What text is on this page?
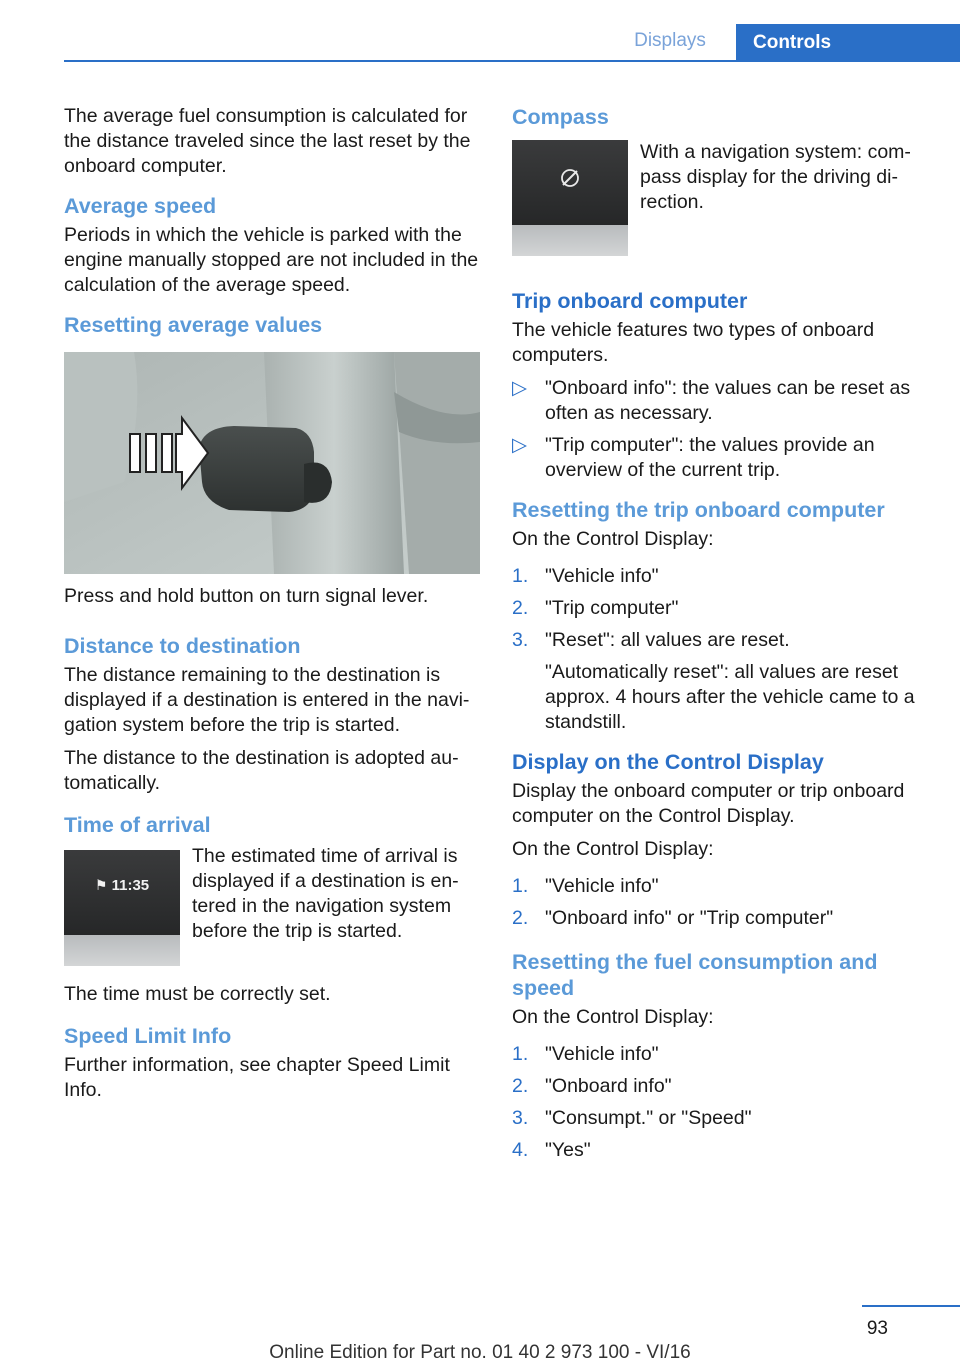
Displays	Controls

The average fuel consumption is calculated for the distance traveled since the last reset by the onboard computer.

Average speed

Periods in which the vehicle is parked with the engine manually stopped are not included in the calculation of the average speed.

Resetting average values

Press and hold button on turn signal lever.

Distance to destination

The distance remaining to the destination is displayed if a destination is entered in the navi‐gation system before the trip is started.

The distance to the destination is adopted au‐tomatically.

Time of arrival
⚑ 11:35

The estimated time of arrival is displayed if a destination is en‐tered in the navigation system before the trip is started.

The time must be correctly set.

Speed Limit Info

Further information, see chapter Speed Limit Info.

Compass

With a navigation system: com‐pass display for the driving di‐rection.

Trip onboard computer

The vehicle features two types of onboard computers.

▷ "Onboard info": the values can be reset as often as necessary.
▷ "Trip computer": the values provide an overview of the current trip.
Resetting the trip onboard computer

On the Control Display:

1. "Vehicle info"
2. "Trip computer"
3. "Reset": all values are reset.
"Automatically reset": all values are reset approx. 4 hours after the vehicle came to a standstill.
Display on the Control Display

Display the onboard computer or trip onboard computer on the Control Display.

On the Control Display:

1. "Vehicle info"
2. "Onboard info" or "Trip computer"
Resetting the fuel consumption and speed

On the Control Display:

1. "Vehicle info"
2. "Onboard info"
3. "Consumpt." or "Speed"
4. "Yes"
93
Online Edition for Part no. 01 40 2 973 100 - VI/16
